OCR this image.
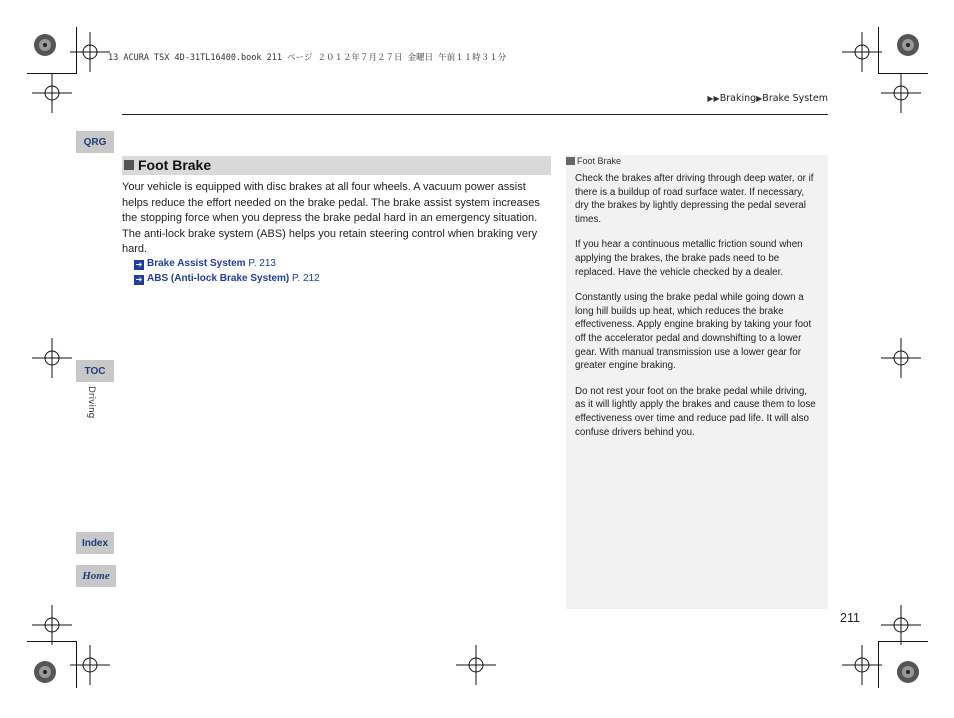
13 ACURA TSX 4D-31TL16400.book 211 ページ ２０１２年７月２７日 金曜日 午前１１時３１分
▶▶Braking▶Brake System
QRG
TOC
Driving
Index
Home
Foot Brake
Your vehicle is equipped with disc brakes at all four wheels. A vacuum power assist helps reduce the effort needed on the brake pedal. The brake assist system increases the stopping force when you depress the brake pedal hard in an emergency situation. The anti-lock brake system (ABS) helps you retain steering control when braking very hard.
➔ Brake Assist System P. 213
➔ ABS (Anti-lock Brake System) P. 212
Foot Brake

Check the brakes after driving through deep water, or if there is a buildup of road surface water. If necessary, dry the brakes by lightly depressing the pedal several times.

If you hear a continuous metallic friction sound when applying the brakes, the brake pads need to be replaced. Have the vehicle checked by a dealer.

Constantly using the brake pedal while going down a long hill builds up heat, which reduces the brake effectiveness. Apply engine braking by taking your foot off the accelerator pedal and downshifting to a lower gear. With manual transmission use a lower gear for greater engine braking.

Do not rest your foot on the brake pedal while driving, as it will lightly apply the brakes and cause them to lose effectiveness over time and reduce pad life. It will also confuse drivers behind you.

211
